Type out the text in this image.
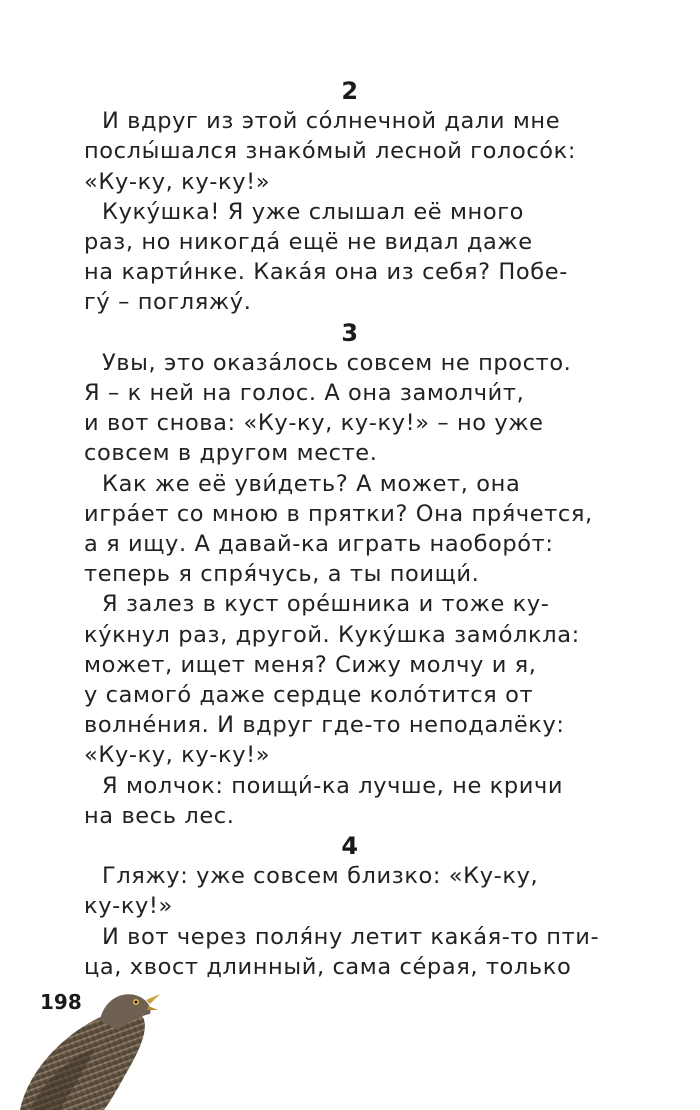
2

И вдруг из этой со́лнечной дали мне
послы́шался знако́мый лесной голосо́к:
«Ку-ку, ку-ку!»

Куку́шка! Я уже слышал её много
раз, но никогда́ ещё не видал даже
на карти́нке. Кака́я она из себя? Побе-
гу́ – погляжу́.

3

Увы, это оказа́лось совсем не просто.
Я – к ней на голос. А она замолчи́т,
и вот снова: «Ку-ку, ку-ку!» – но уже
совсем в другом месте.

Как же её уви́деть? А может, она
игра́ет со мною в прятки? Она пря́чется,
а я ищу. А давай-ка играть наоборо́т:
теперь я спря́чусь, а ты поищи́.

Я залез в куст оре́шника и тоже ку-
ку́кнул раз, другой. Куку́шка замо́лкла:
может, ищет меня? Сижу молчу и я,
у самого́ даже сердце коло́тится от
волне́ния. И вдруг где-то неподалёку:
«Ку-ку, ку-ку!»

Я молчок: поищи́-ка лучше, не кричи
на весь лес.

4

Гляжу: уже совсем близко: «Ку-ку,
ку-ку!»

И вот через поля́ну летит кака́я-то пти-
ца, хвост длинный, сама се́рая, только

198
